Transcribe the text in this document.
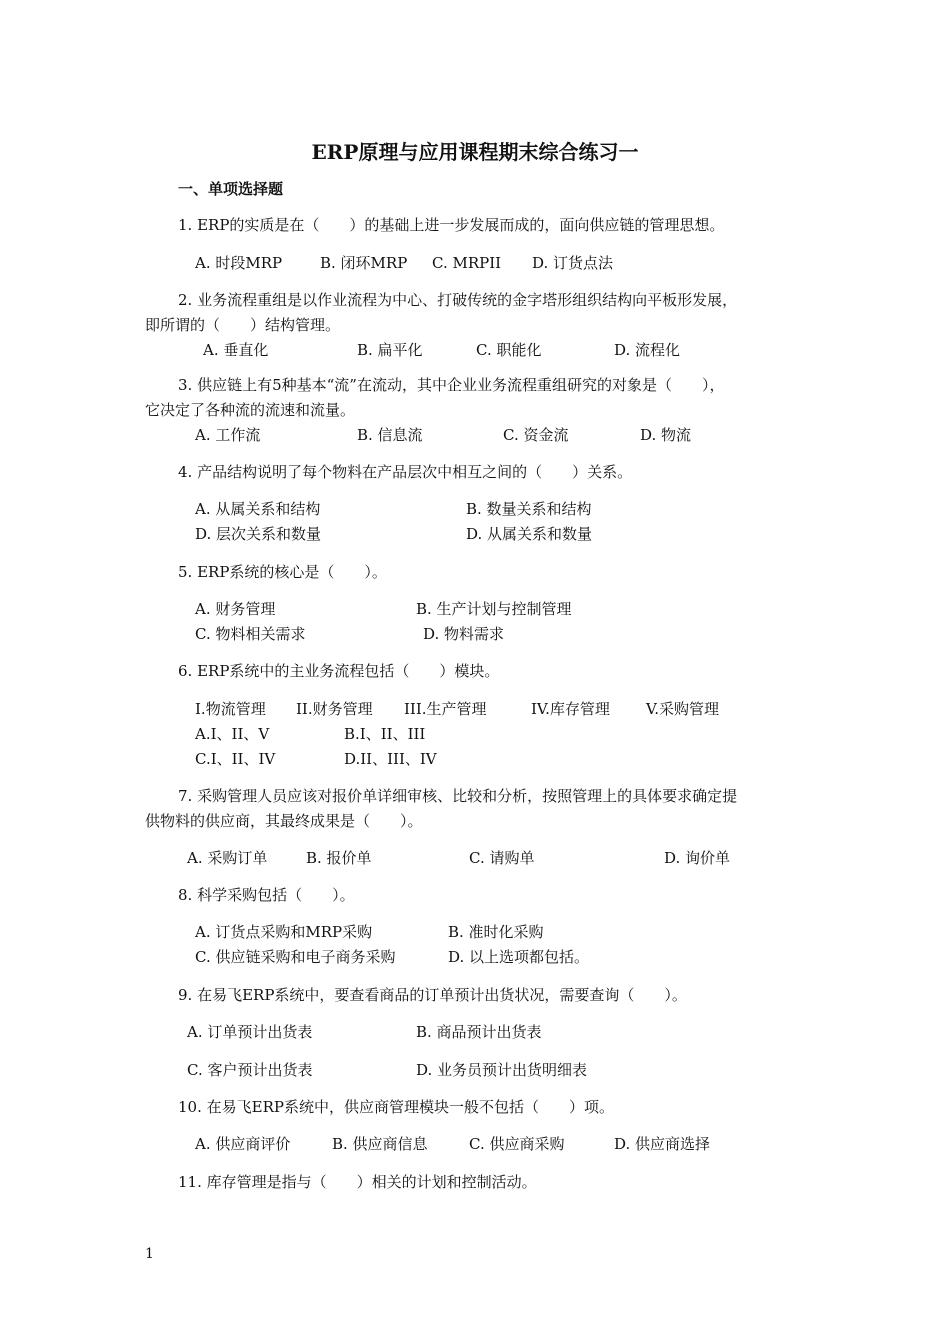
ERP原理与应用课程期末综合练习一
一、单项选择题
1. ERP的实质是在（　　）的基础上进一步发展而成的，面向供应链的管理思想。
A. 时段MRP	B. 闭环MRP C. MRPII D. 订货点法
2. 业务流程重组是以作业流程为中心、打破传统的金字塔形组织结构向平板形发展，
即所谓的（　　）结构管理。
A. 垂直化	B. 扁平化	C. 职能化	D. 流程化
3. 供应链上有5种基本“流”在流动，其中企业业务流程重组研究的对象是（　　），
它决定了各种流的流速和流量。
A. 工作流	B. 信息流	C. 资金流	D. 物流
4. 产品结构说明了每个物料在产品层次中相互之间的（　　）关系。
A. 从属关系和结构	B. 数量关系和结构
D. 层次关系和数量	D. 从属关系和数量
5. ERP系统的核心是（　　）。
A. 财务管理	B. 生产计划与控制管理
C. 物料相关需求	D. 物料需求
6. ERP系统中的主业务流程包括（　　）模块。
I.物流管理 II.财务管理 III.生产管理	IV.库存管理 V.采购管理
A.I、II、V	B.I、II、III
C.I、II、IV	D.II、III、IV
7. 采购管理人员应该对报价单详细审核、比较和分析，按照管理上的具体要求确定提
供物料的供应商，其最终成果是（　　）。
A. 采购订单	B. 报价单	C. 请购单	D. 询价单
8. 科学采购包括（　　）。
A. 订货点采购和MRP采购	B. 准时化采购
C. 供应链采购和电子商务采购	D. 以上选项都包括。
9. 在易飞ERP系统中，要查看商品的订单预计出货状况，需要查询（　　）。
A. 订单预计出货表	B. 商品预计出货表
C. 客户预计出货表	D. 业务员预计出货明细表
10. 在易飞ERP系统中，供应商管理模块一般不包括（　　）项。
A. 供应商评价	B. 供应商信息	C. 供应商采购	D. 供应商选择
11. 库存管理是指与（　　）相关的计划和控制活动。
1
